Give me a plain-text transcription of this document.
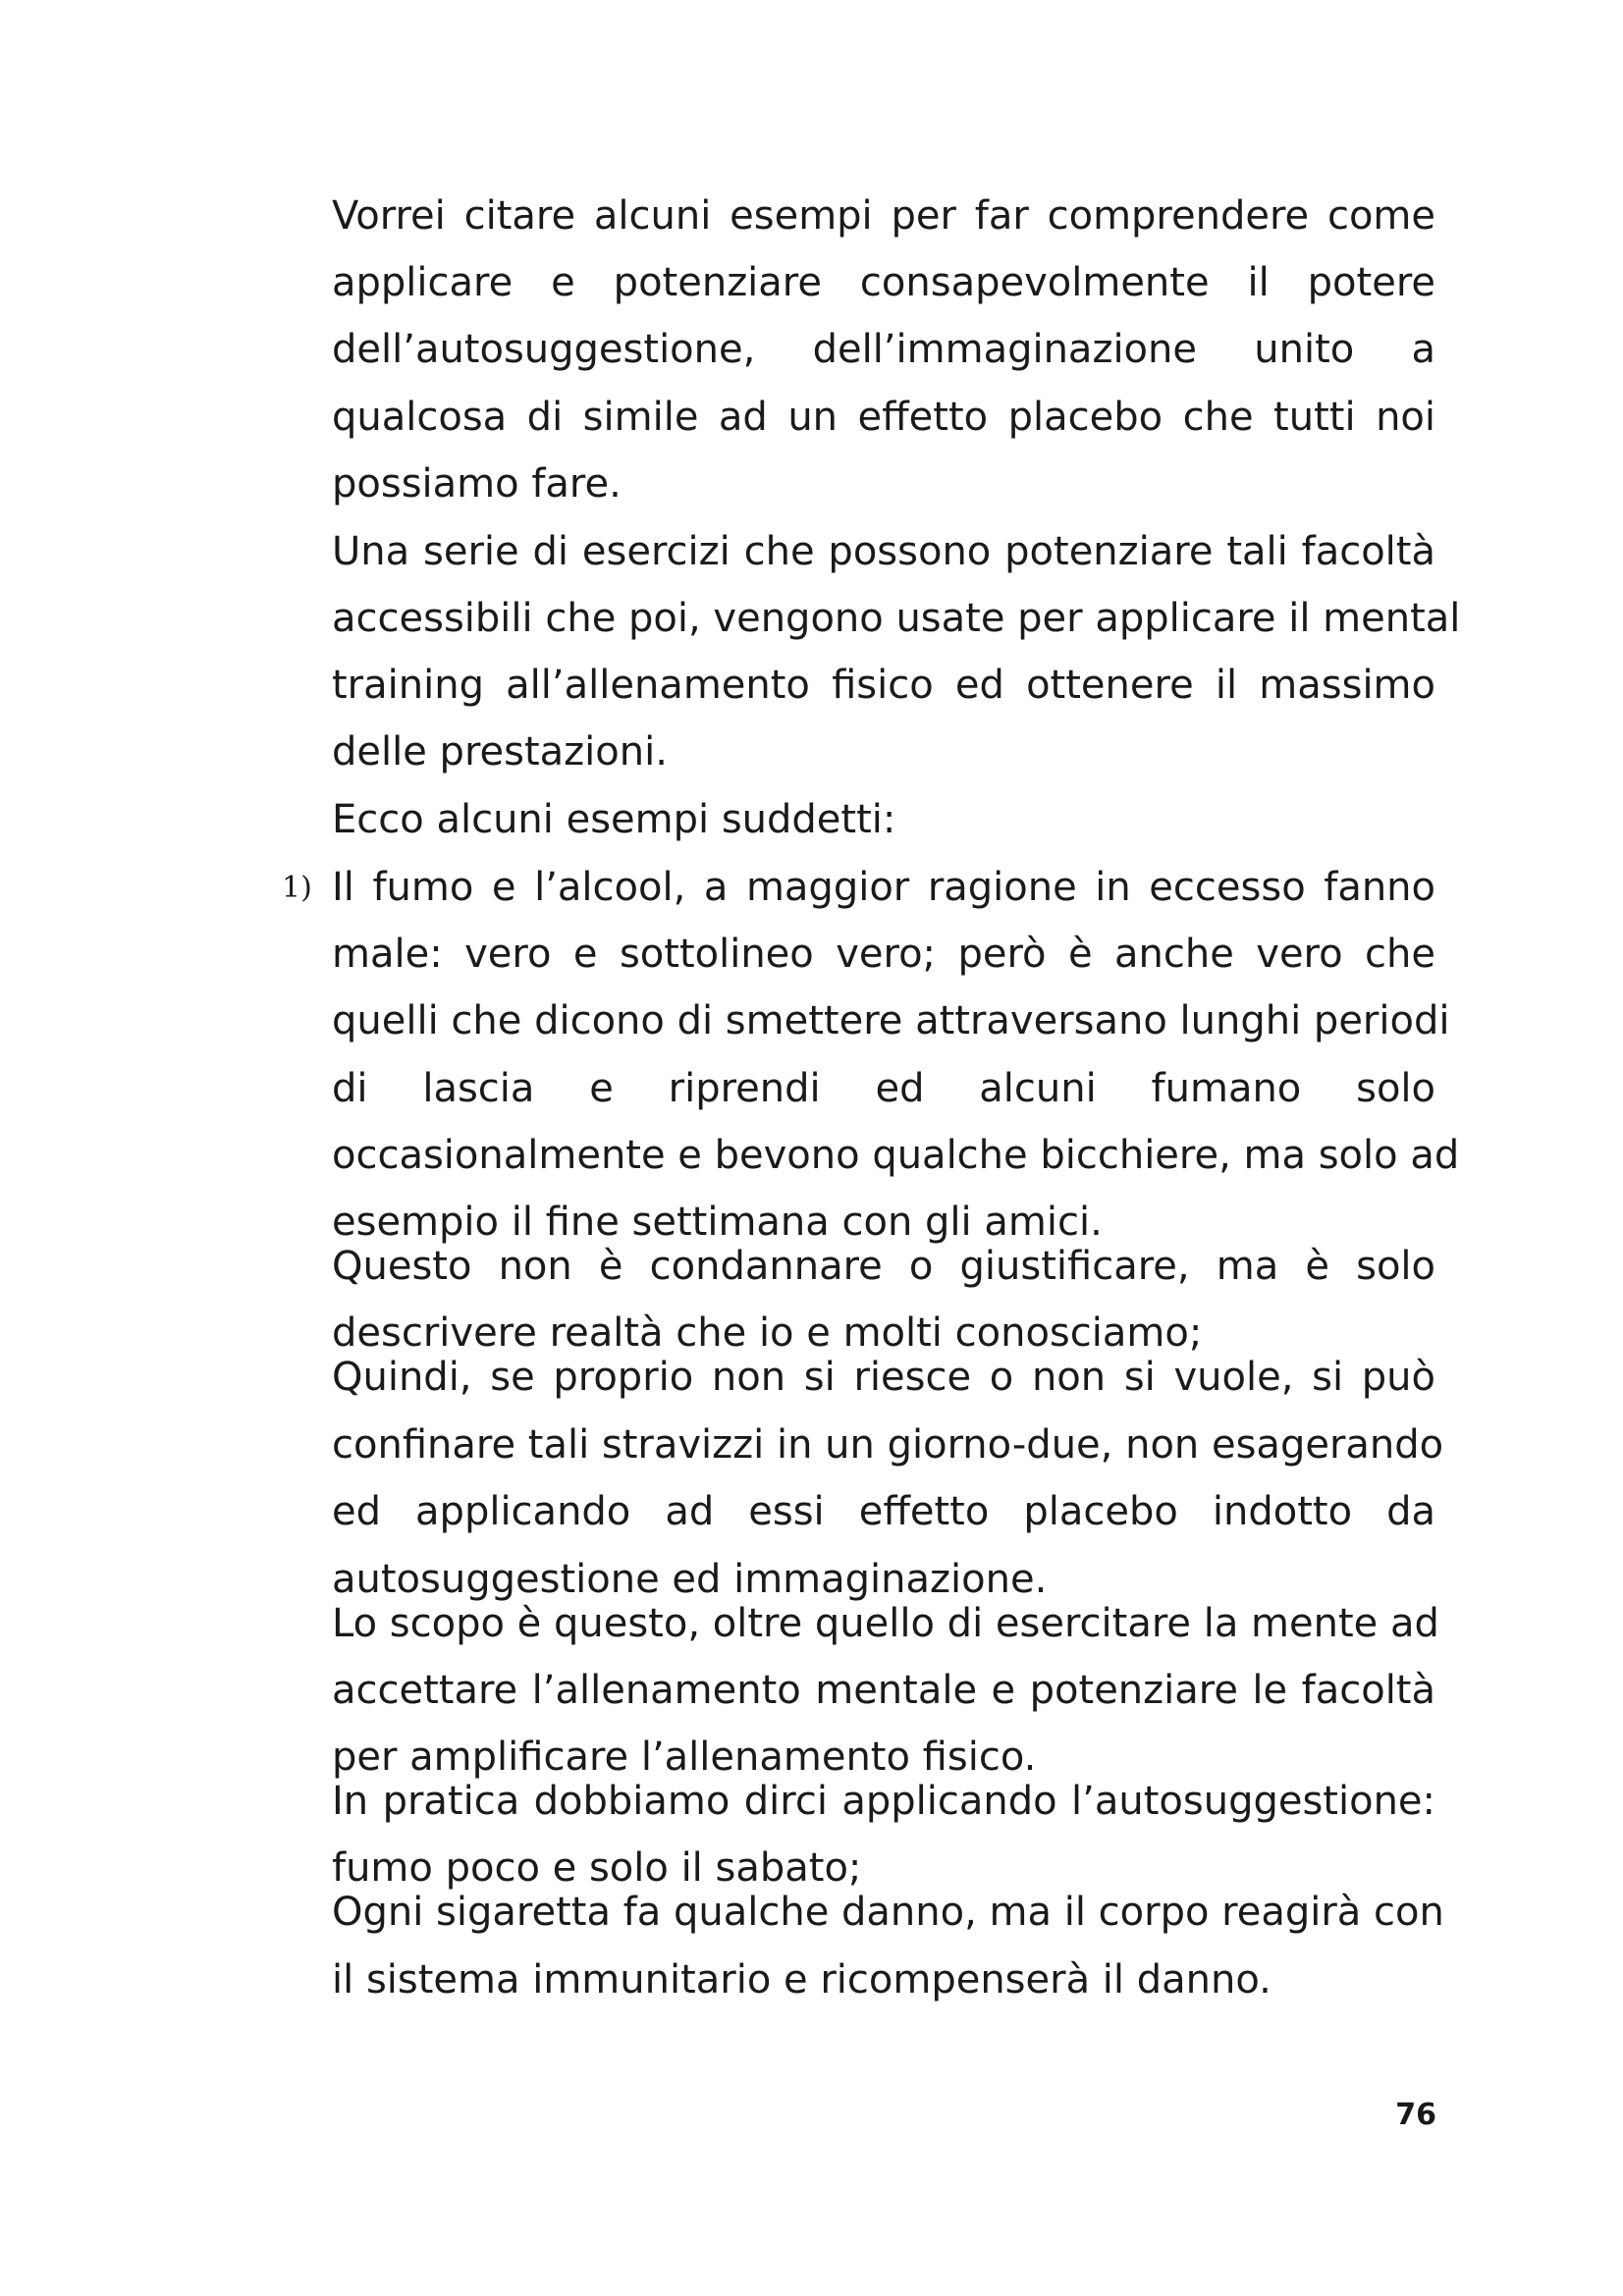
Vorrei citare alcuni esempi per far comprendere come
applicare e potenziare consapevolmente il potere
dell’autosuggestione, dell’immaginazione unito a
qualcosa di simile ad un effetto placebo che tutti noi
possiamo fare.
Una serie di esercizi che possono potenziare tali facoltà
accessibili che poi, vengono usate per applicare il mental
training all’allenamento fisico ed ottenere il massimo
delle prestazioni.
Ecco alcuni esempi suddetti:
1) Il fumo e l’alcool, a maggior ragione in eccesso fanno
male: vero e sottolineo vero; però è anche vero che
quelli che dicono di smettere attraversano lunghi periodi
di lascia e riprendi ed alcuni fumano solo
occasionalmente e bevono qualche bicchiere, ma solo ad
esempio il fine settimana con gli amici.
Questo non è condannare o giustificare, ma è solo
descrivere realtà che io e molti conosciamo;
Quindi, se proprio non si riesce o non si vuole, si può
confinare tali stravizzi in un giorno-due, non esagerando
ed applicando ad essi effetto placebo indotto da
autosuggestione ed immaginazione.
Lo scopo è questo, oltre quello di esercitare la mente ad
accettare l’allenamento mentale e potenziare le facoltà
per amplificare l’allenamento fisico.
In pratica dobbiamo dirci applicando l’autosuggestione:
fumo poco e solo il sabato;
Ogni sigaretta fa qualche danno, ma il corpo reagirà con
il sistema immunitario e ricompenserà il danno.
76
